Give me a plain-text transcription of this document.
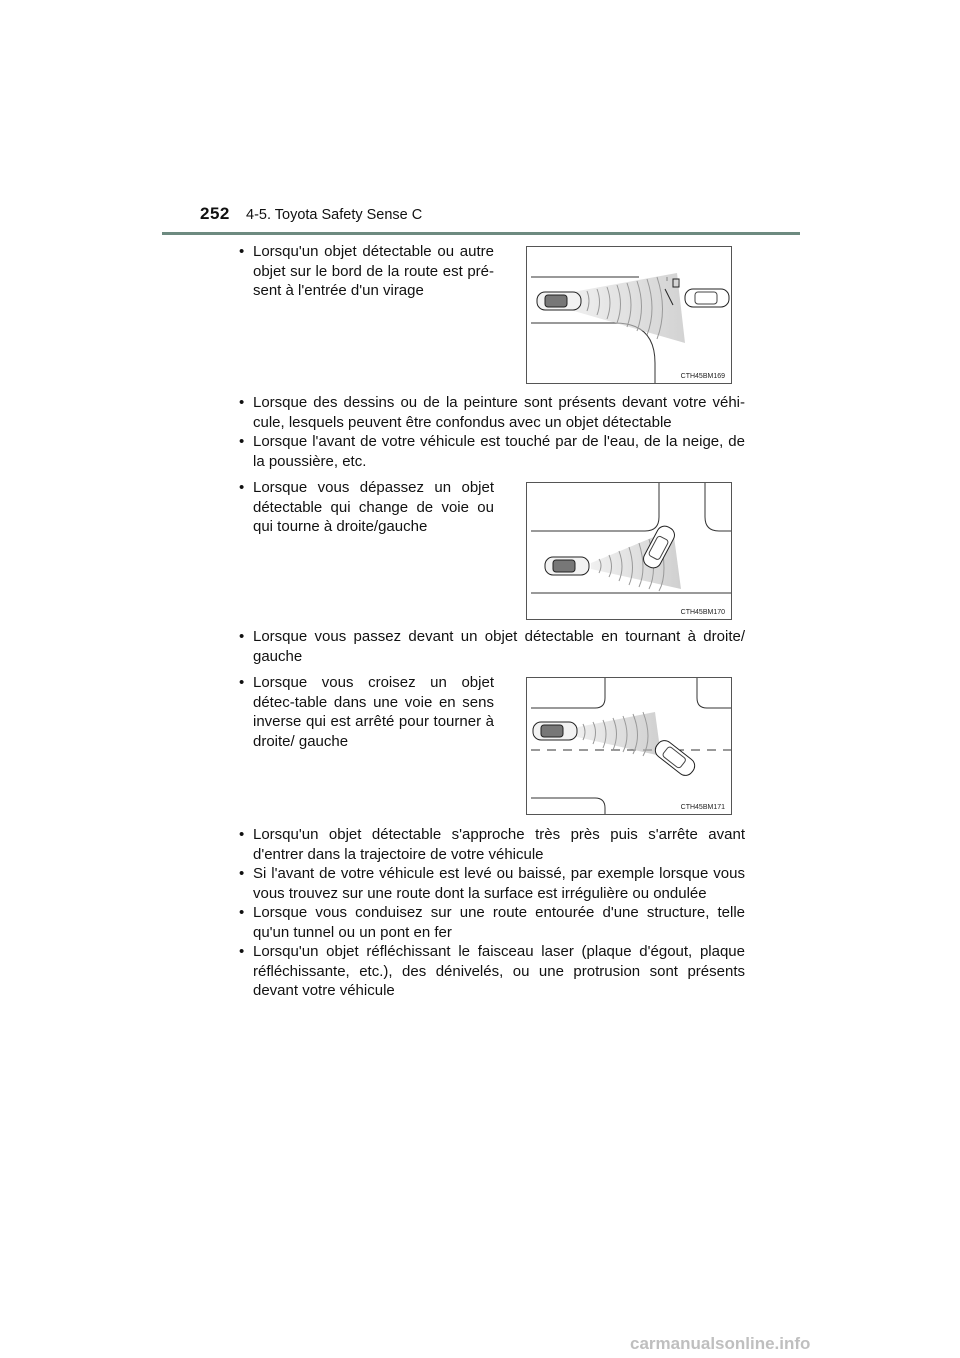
252 4-5. Toyota Safety Sense C
• Lorsqu'un objet détectable ou autre objet sur le bord de la route est pré-sent à l'entrée d'un virage
CTH45BM169
• Lorsque des dessins ou de la peinture sont présents devant votre véhi-cule, lesquels peuvent être confondus avec un objet détectable
• Lorsque l'avant de votre véhicule est touché par de l'eau, de la neige, de la poussière, etc.
• Lorsque vous dépassez un objet détectable qui change de voie ou qui tourne à droite/gauche
CTH45BM170
• Lorsque vous passez devant un objet détectable en tournant à droite/ gauche
• Lorsque vous croisez un objet détec-table dans une voie en sens inverse qui est arrêté pour tourner à droite/ gauche
CTH45BM171
• Lorsqu'un objet détectable s'approche très près puis s'arrête avant d'entrer dans la trajectoire de votre véhicule
• Si l'avant de votre véhicule est levé ou baissé, par exemple lorsque vous vous trouvez sur une route dont la surface est irrégulière ou ondulée
• Lorsque vous conduisez sur une route entourée d'une structure, telle qu'un tunnel ou un pont en fer
• Lorsqu'un objet réfléchissant le faisceau laser (plaque d'égout, plaque réfléchissante, etc.), des dénivelés, ou une protrusion sont présents devant votre véhicule
carmanualsonline.info
